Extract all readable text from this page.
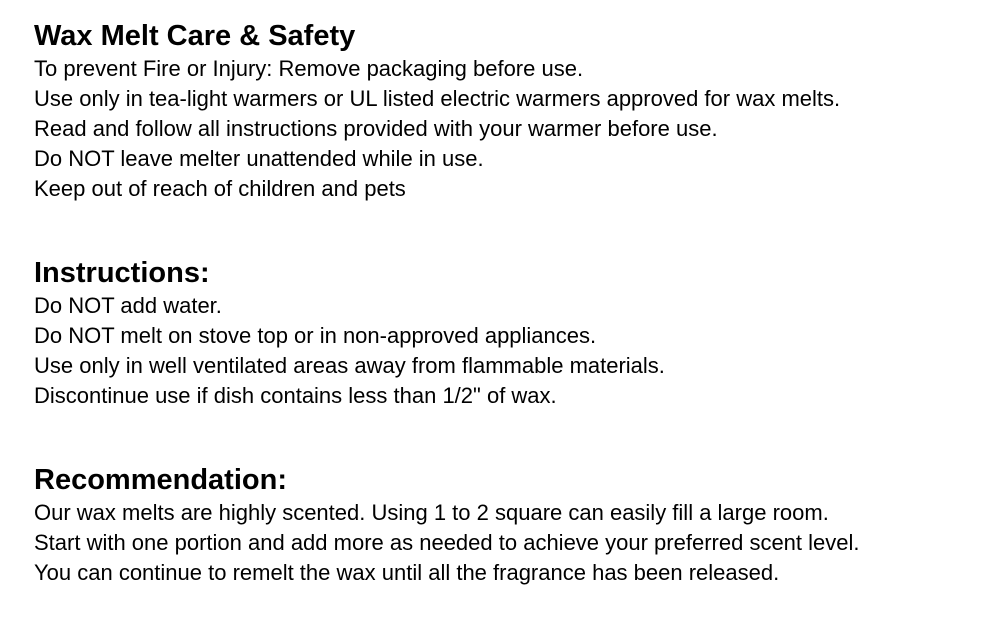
Wax Melt Care & Safety

To prevent Fire or Injury: Remove packaging before use.

Use only in tea-light warmers or UL listed electric warmers approved for wax melts.

Read and follow all instructions provided with your warmer before use.

Do NOT leave melter unattended while in use.

Keep out of reach of children and pets

Instructions:

Do NOT add water.

Do NOT melt on stove top or in non-approved appliances.

Use only in well ventilated areas away from flammable materials.

Discontinue use if dish contains less than 1/2" of wax.

Recommendation:

Our wax melts are highly scented. Using 1 to 2 square can easily fill a large room.

Start with one portion and add more as needed to achieve your preferred scent level.

You can continue to remelt the wax until all the fragrance has been released.
